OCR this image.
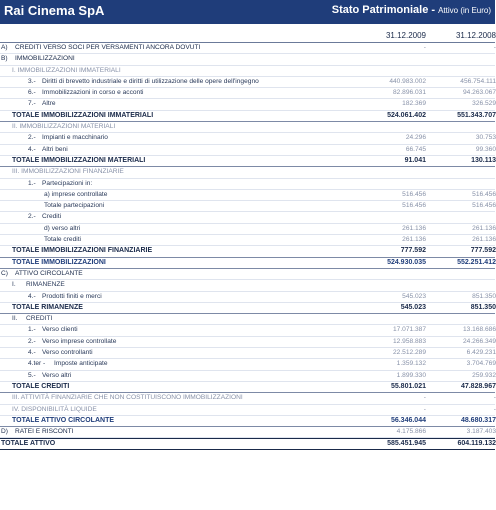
Rai Cinema SpA	Stato Patrimoniale - Attivo (in Euro)
31.12.2009	31.12.2008
A) CREDITI VERSO SOCI PER VERSAMENTI ANCORA DOVUTI	-	-
B) IMMOBILIZZAZIONI
I. IMMOBILIZZAZIONI IMMATERIALI
3.- Diritti di brevetto industriale e diritti di utilizzazione delle opere dell'ingegno	440.983.002	456.754.111
6.- Immobilizzazioni in corso e acconti	82.896.031	94.263.067
7.- Altre	182.369	326.529
TOTALE IMMOBILIZZAZIONI IMMATERIALI	524.061.402	551.343.707
II. IMMOBILIZZAZIONI MATERIALI
2.- Impianti e macchinario	24.296	30.753
4.- Altri beni	66.745	99.360
TOTALE IMMOBILIZZAZIONI MATERIALI	91.041	130.113
III. IMMOBILIZZAZIONI FINANZIARIE
1.- Partecipazioni in:
a) imprese controllate	516.456	516.456
Totale partecipazioni	516.456	516.456
2.- Crediti
d) verso altri	261.136	261.136
Totale crediti	261.136	261.136
TOTALE IMMOBILIZZAZIONI FINANZIARIE	777.592	777.592
TOTALE IMMOBILIZZAZIONI	524.930.035	552.251.412
C) ATTIVO CIRCOLANTE
I. RIMANENZE
4.- Prodotti finiti e merci	545.023	851.350
TOTALE RIMANENZE	545.023	851.350
II. CREDITI
1.- Verso clienti	17.071.387	13.168.686
2.- Verso imprese controllate	12.958.883	24.266.349
4.- Verso controllanti	22.512.289	6.429.231
4.ter - Imposte anticipate	1.359.132	3.704.769
5.- Verso altri	1.899.330	259.932
TOTALE CREDITI	55.801.021	47.828.967
III. ATTIVITÀ FINANZIARIE CHE NON COSTITUISCONO IMMOBILIZZAZIONI	-	-
IV. DISPONIBILITÀ LIQUIDE	-	-
TOTALE ATTIVO CIRCOLANTE	56.346.044	48.680.317
D) RATEI E RISCONTI	4.175.866	3.187.403
TOTALE ATTIVO	585.451.945	604.119.132
